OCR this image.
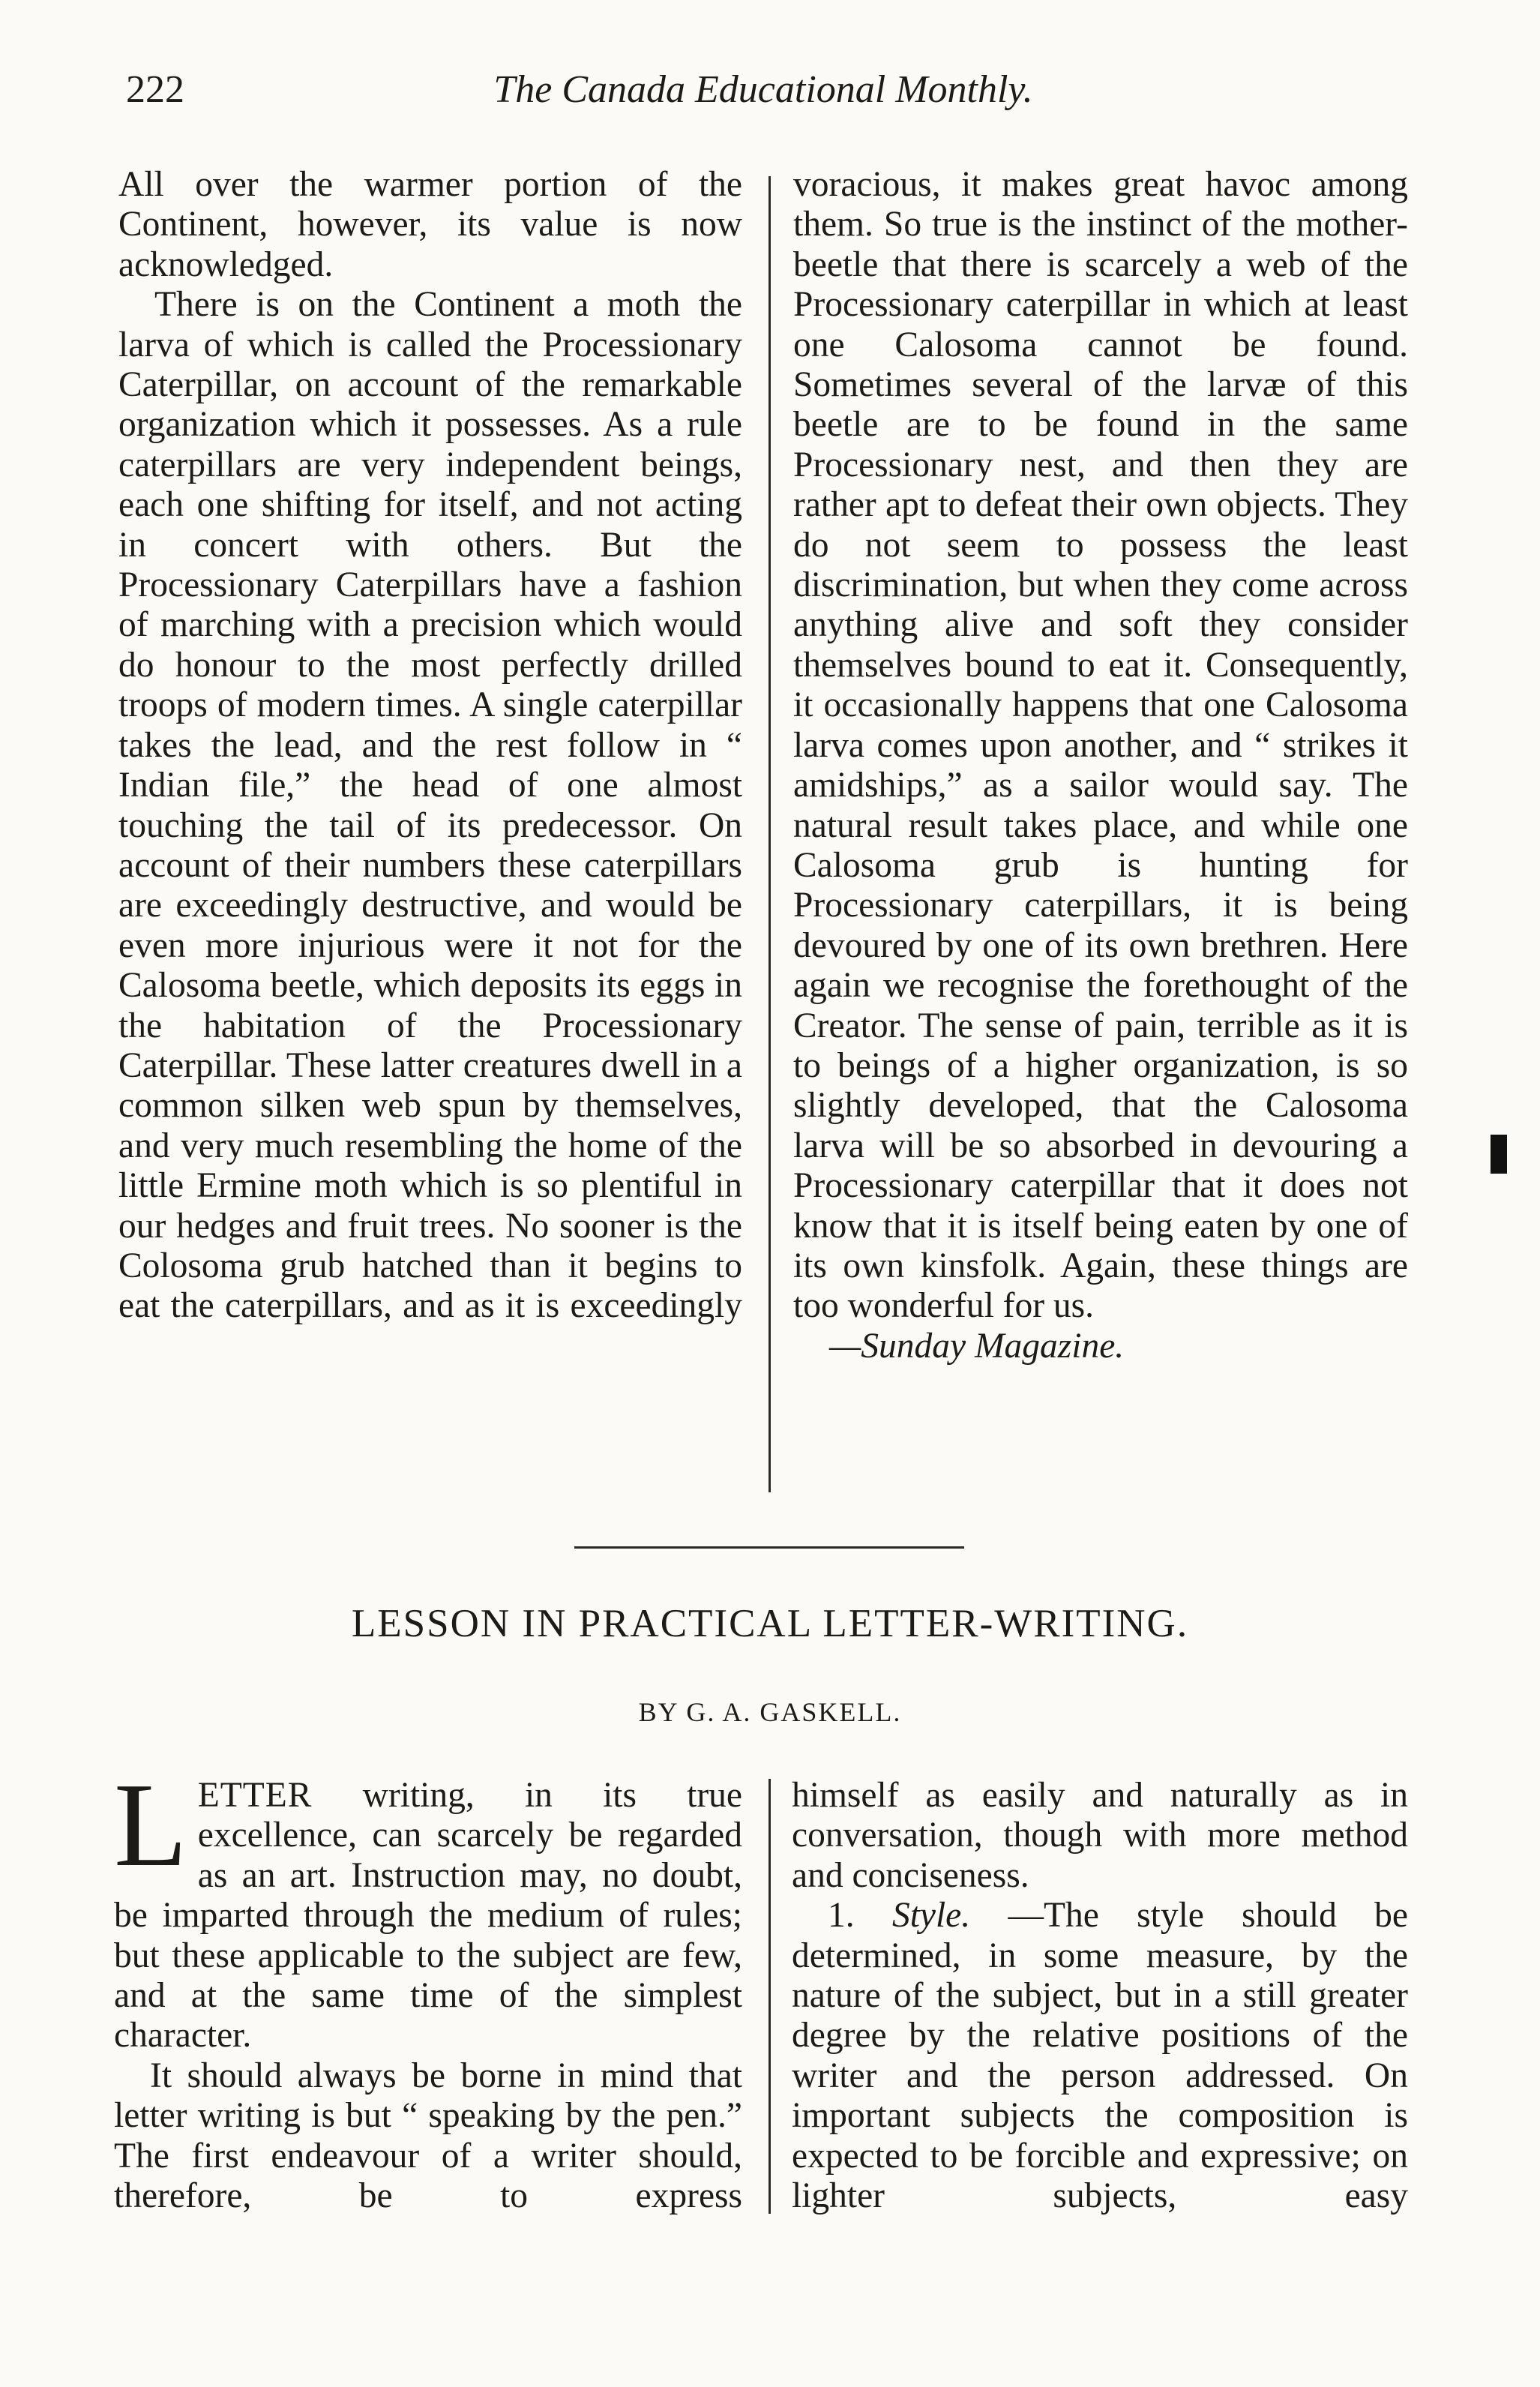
222	The Canada Educational Monthly.

All over the warmer portion of the Continent, however, its value is now acknowledged.

There is on the Continent a moth the larva of which is called the Processionary Caterpillar, on account of the remarkable organization which it possesses. As a rule caterpillars are very independent beings, each one shifting for itself, and not acting in concert with others. But the Processionary Caterpillars have a fashion of marching with a precision which would do honour to the most perfectly drilled troops of modern times. A single caterpillar takes the lead, and the rest follow in “ Indian file,” the head of one almost touching the tail of its predecessor. On account of their numbers these caterpillars are exceedingly destructive, and would be even more injurious were it not for the Calosoma beetle, which deposits its eggs in the habitation of the Processionary Caterpillar. These latter creatures dwell in a common silken web spun by themselves, and very much resembling the home of the little Ermine moth which is so plentiful in our hedges and fruit trees. No sooner is the Colosoma grub hatched than it begins to eat the caterpillars, and as it is exceedingly

voracious, it makes great havoc among them. So true is the instinct of the mother-beetle that there is scarcely a web of the Processionary caterpillar in which at least one Calosoma cannot be found. Sometimes several of the larvæ of this beetle are to be found in the same Processionary nest, and then they are rather apt to defeat their own objects. They do not seem to possess the least discrimination, but when they come across anything alive and soft they consider themselves bound to eat it. Consequently, it occasionally happens that one Calosoma larva comes upon another, and “ strikes it amidships,” as a sailor would say. The natural result takes place, and while one Calosoma grub is hunting for Processionary caterpillars, it is being devoured by one of its own brethren. Here again we recognise the forethought of the Creator. The sense of pain, terrible as it is to beings of a higher organization, is so slightly developed, that the Calosoma larva will be so absorbed in devouring a Processionary caterpillar that it does not know that it is itself being eaten by one of its own kinsfolk. Again, these things are too wonderful for us.

—Sunday Magazine.

LESSON IN PRACTICAL LETTER-WRITING.
BY G. A. GASKELL.

LETTER writing, in its true excellence, can scarcely be regarded as an art. Instruction may, no doubt, be imparted through the medium of rules; but these applicable to the subject are few, and at the same time of the simplest character.

It should always be borne in mind that letter writing is but “ speaking by the pen.” The first endeavour of a writer should, therefore, be to express

himself as easily and naturally as in conversation, though with more method and conciseness.

1. Style. —The style should be determined, in some measure, by the nature of the subject, but in a still greater degree by the relative positions of the writer and the person addressed. On important subjects the composition is expected to be forcible and expressive; on lighter subjects, easy
